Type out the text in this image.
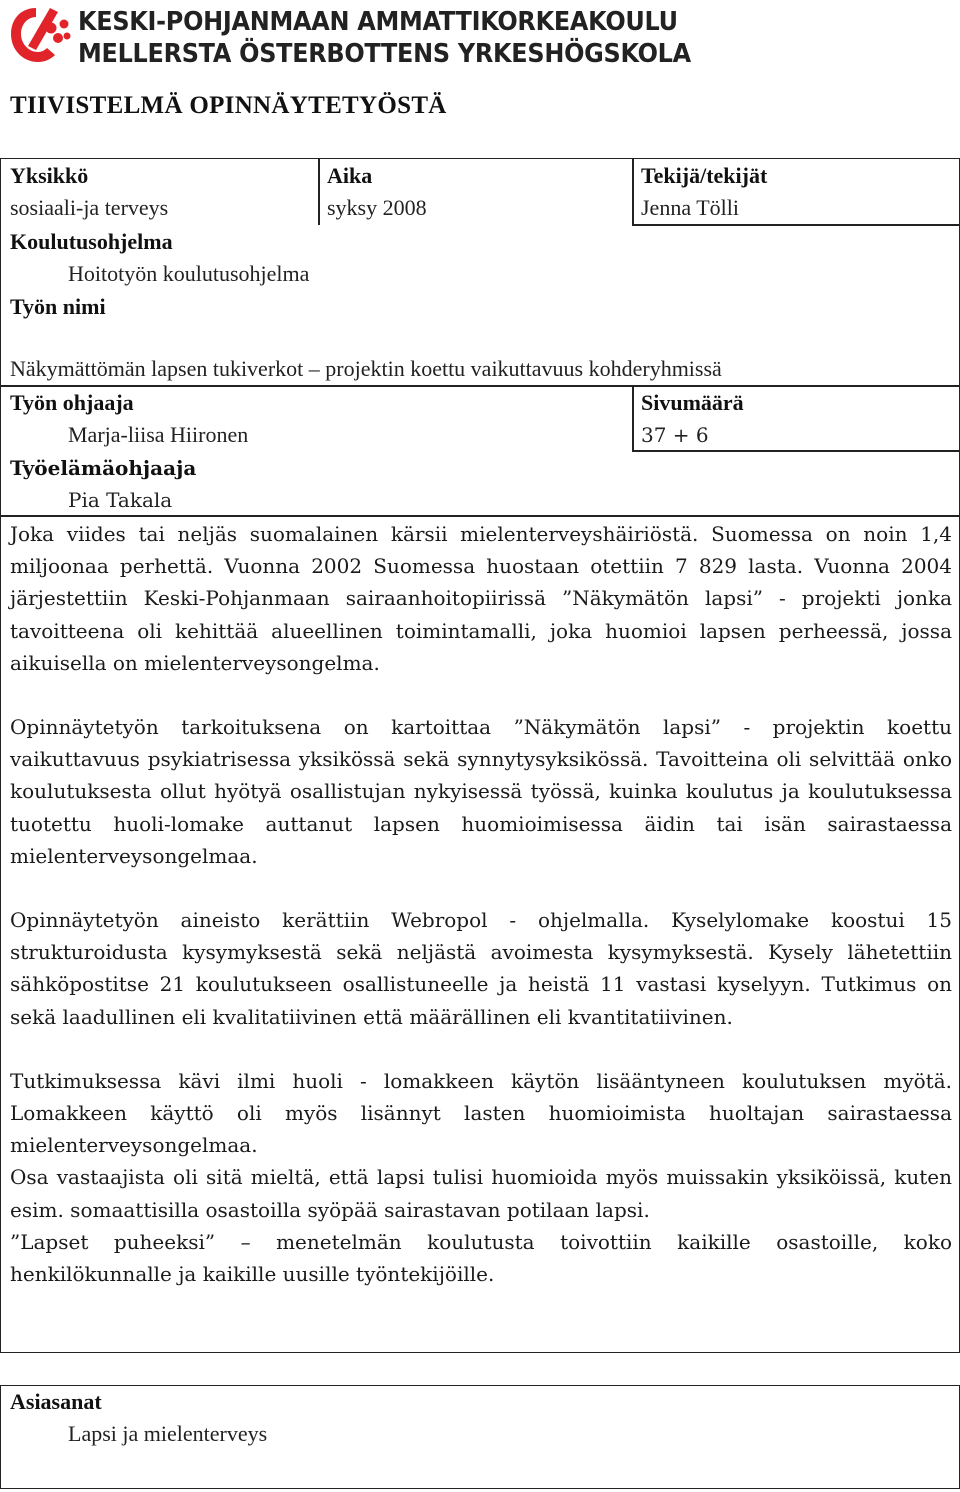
KESKI-POHJANMAAN AMMATTIKORKEAKOULU
MELLERSTA ÖSTERBOTTENS YRKESHÖGSKOLA
TIIVISTELMÄ OPINNÄYTETYÖSTÄ
Yksikkö
sosiaali-ja terveys
Aika
syksy 2008
Tekijä/tekijät
Jenna Tölli
Koulutusohjelma
Hoitotyön koulutusohjelma
Työn nimi
Näkymättömän lapsen tukiverkot – projektin koettu vaikuttavuus kohderyhmissä
Työn ohjaaja
Marja-liisa Hiironen
Sivumäärä
37 + 6
Työelämäohjaaja
Pia Takala

Joka viides tai neljäs suomalainen kärsii mielenterveyshäiriöstä. Suomessa on noin 1,4 miljoonaa perhettä. Vuonna 2002 Suomessa huostaan otettiin 7 829 lasta. Vuonna 2004 järjestettiin Keski-Pohjanmaan sairaanhoitopiirissä ”Näkymätön lapsi” - projekti jonka tavoitteena oli kehittää alueellinen toimintamalli, joka huomioi lapsen perheessä, jossa aikuisella on mielenterveysongelma.

Opinnäytetyön tarkoituksena on kartoittaa ”Näkymätön lapsi” - projektin koettu vaikuttavuus psykiatrisessa yksikössä sekä synnytysyksikössä. Tavoitteina oli selvittää onko koulutuksesta ollut hyötyä osallistujan nykyisessä työssä, kuinka koulutus ja koulutuksessa tuotettu huoli-lomake auttanut lapsen huomioimisessa äidin tai isän sairastaessa mielenterveysongelmaa.

Opinnäytetyön aineisto kerättiin Webropol - ohjelmalla. Kyselylomake koostui 15 strukturoidusta kysymyksestä sekä neljästä avoimesta kysymyksestä. Kysely lähetettiin sähköpostitse 21 koulutukseen osallistuneelle ja heistä 11 vastasi kyselyyn. Tutkimus on sekä laadullinen eli kvalitatiivinen että määrällinen eli kvantitatiivinen.

Tutkimuksessa kävi ilmi huoli - lomakkeen käytön lisääntyneen koulutuksen myötä. Lomakkeen käyttö oli myös lisännyt lasten huomioimista huoltajan sairastaessa mielenterveysongelmaa.

Osa vastaajista oli sitä mieltä, että lapsi tulisi huomioida myös muissakin yksiköissä, kuten esim. somaattisilla osastoilla syöpää sairastavan potilaan lapsi.

”Lapset puheeksi” – menetelmän koulutusta toivottiin kaikille osastoille, koko henkilökunnalle ja kaikille uusille työntekijöille.

Asiasanat
Lapsi ja mielenterveys
